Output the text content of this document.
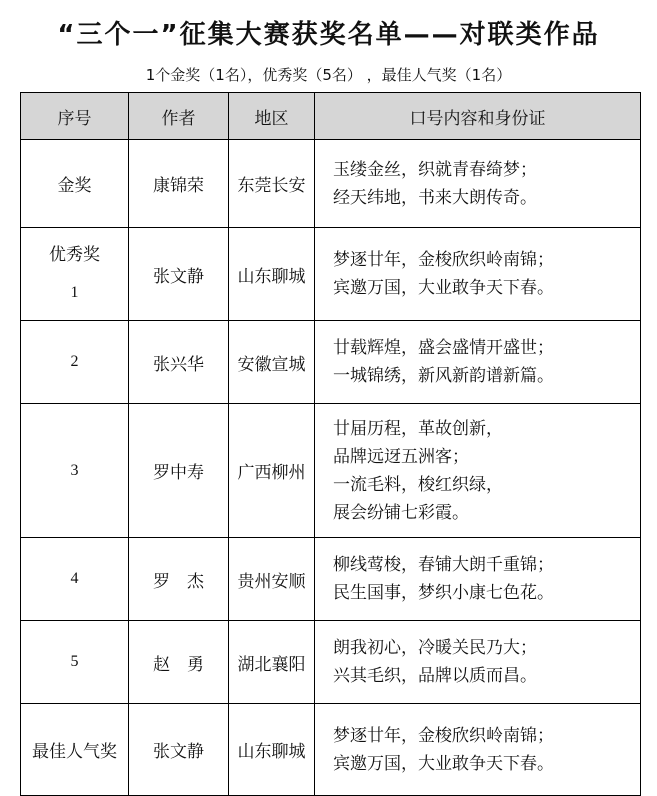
“三个一”征集大赛获奖名单——对联类作品
1个金奖（1名），优秀奖（5名） ，最佳人气奖（1名）
序号	作者	地区	口号内容和身份证
金奖	康锦荣	东莞长安	玉缕金丝，织就青春绮梦；
经天纬地，书来大朗传奇。

优秀奖
1	张文静	山东聊城	梦逐廿年，金梭欣织岭南锦；
宾邀万国，大业敢争天下春。

2	张兴华	安徽宣城	廿载辉煌，盛会盛情开盛世；
一城锦绣，新风新韵谱新篇。

3	罗中寿	广西柳州	廿届历程，革故创新，
品牌远迓五洲客；
一流毛料，梭红织绿，
展会纷铺七彩霞。

4	罗　杰	贵州安顺	柳线莺梭，春铺大朗千重锦；
民生国事，梦织小康七色花。

5	赵　勇	湖北襄阳	朗我初心，冷暖关民乃大；
兴其毛织，品牌以质而昌。

最佳人气奖	张文静	山东聊城	梦逐廿年，金梭欣织岭南锦；
宾邀万国，大业敢争天下春。
